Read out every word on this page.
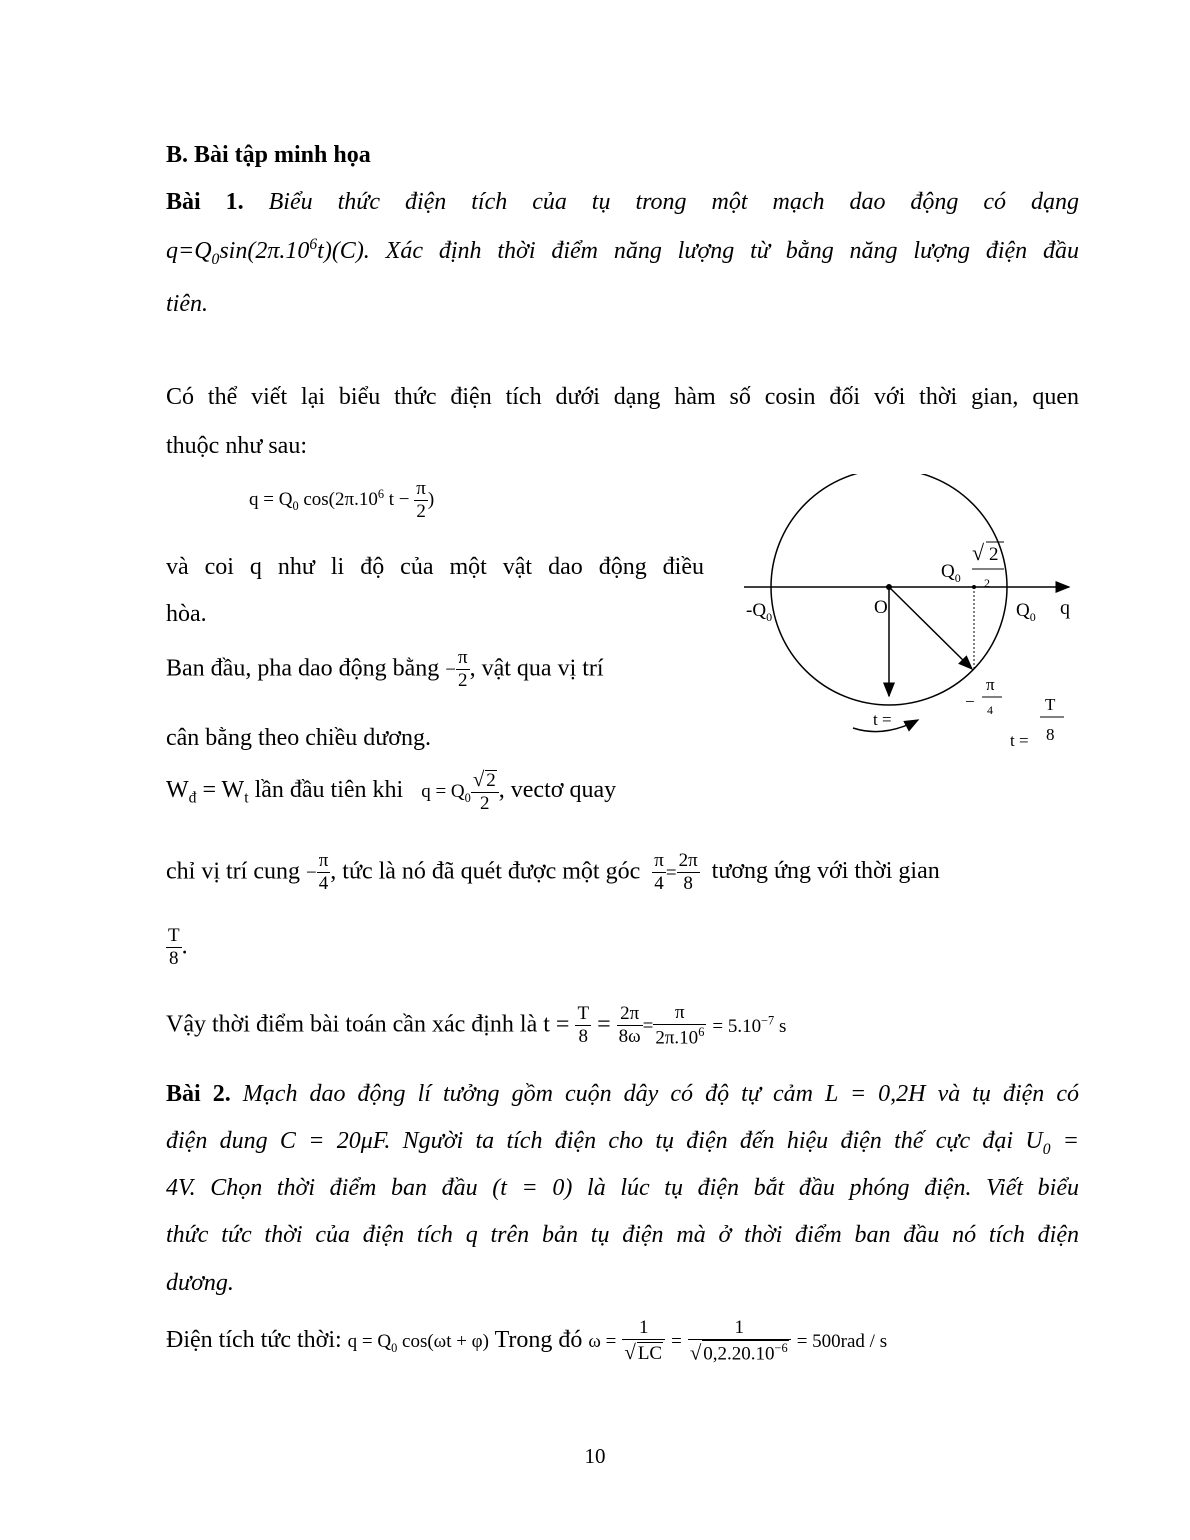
B. Bài tập minh họa
Bài 1. Biểu thức điện tích của tụ trong một mạch dao động có dạng
$q=Q_0\sin(2\pi.10^6t)(C)$. Xác định thời điểm năng lượng từ bằng năng lượng điện đầu
tiên.
Có thể viết lại biểu thức điện tích dưới dạng hàm số cosin đối với thời gian, quen
thuộc như sau:
$q = Q_0$ $\cos(2\pi.10^6$ $t - \frac{\pi}{2}$ )
và coi q như li độ của một vật dao động điều
hòa.
Ban đầu, pha dao động bằng − $\frac{\pi}{2}$ , vật qua vị trí
cân bằng theo chiều dương.
$W_đ = W_t$ lần đầu tiên khi $q = Q_0 \frac{√ 2}{2}$ , vectơ quay
chỉ vị trí cung − $\frac{\pi}{4}$ , tức là nó đã quét được một góc $\frac{\pi}{4} = \frac{2\pi}{8}$ tương ứng với thời gian
$\frac{T}{8}$ .
Vậy thời điểm bài toán cần xác định là $t = \frac{T}{8} = \frac{2\pi}{8\omega} = \frac{\pi}{2\pi.10^6} = 5.10^{-7}$ s
$Q_0$
√ 2
2
$-Q_0$	O	$Q_0$ q
−
π
4
t =
t =
T
8
Bài 2. Mạch dao động lí tưởng gồm cuộn dây có độ tự cảm L = 0,2H và tụ điện có
điện dung C = 20μF. Người ta tích điện cho tụ điện đến hiệu điện thế cực đại $U_0$ =
4V. Chọn thời điểm ban đầu (t = 0) là lúc tụ điện bắt đầu phóng điện. Viết biểu
thức tức thời của điện tích q trên bản tụ điện mà ở thời điểm ban đầu nó tích điện
dương.
Điện tích tức thời: $q = Q_0$ cos(ωt + φ) Trong đó $\omega = \frac{1}{√ LC} = \frac{1}{√ 0,2.20.10^{-6}} = 500rad / s$
10
